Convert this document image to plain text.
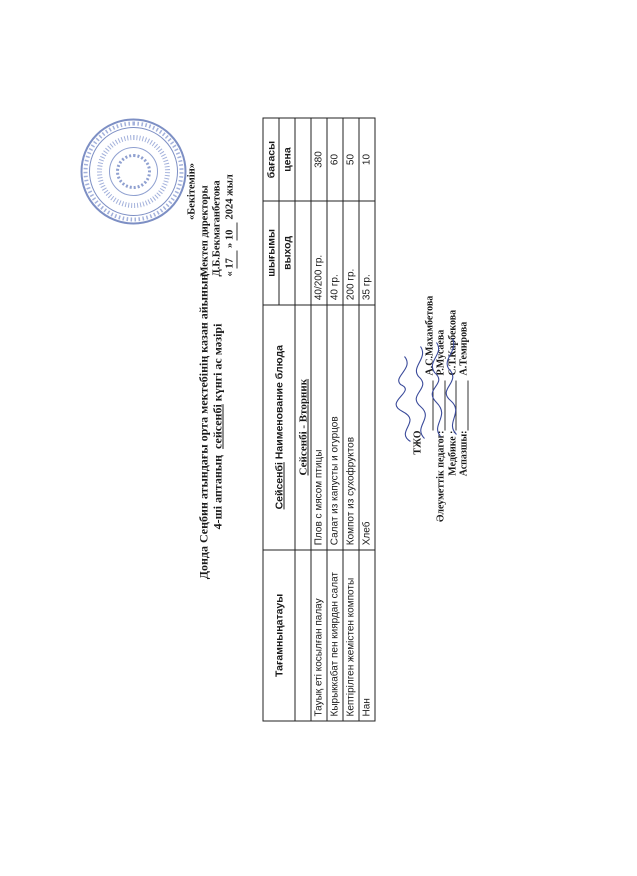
«Бекітемін» Мектеп директоры Д.Б.Бекмаганбетова « 17 » 10 2024 жыл
Донда Сеңбин атындағы орта мектебінің казан айының 4-ші аптаның  сейсенбі күнгі ас мәзірі
Тағамныңатауы	Сейсенбі Наименование блюда	шығымы	бағасы
		выход	цена
	Сейсенбі - Вторник		
Тауық еті косылған палау	Плов с мясом птицы	40/200 гр.	380
Кырыккабат пен киярдан салат	Салат из капусты и огурцов	40 гр.	60
Кептірілген жемістен компоты	Компот из сухофруктов	200 гр.	50
Нан	Хлеб	35 гр.	10
ТЖО
А.С.Махамбетова
Әлеуметтік педагог:
Р.Мусаева
Медбике :
С.Т.Карбекова
Аспазшы:
А.Темирова
